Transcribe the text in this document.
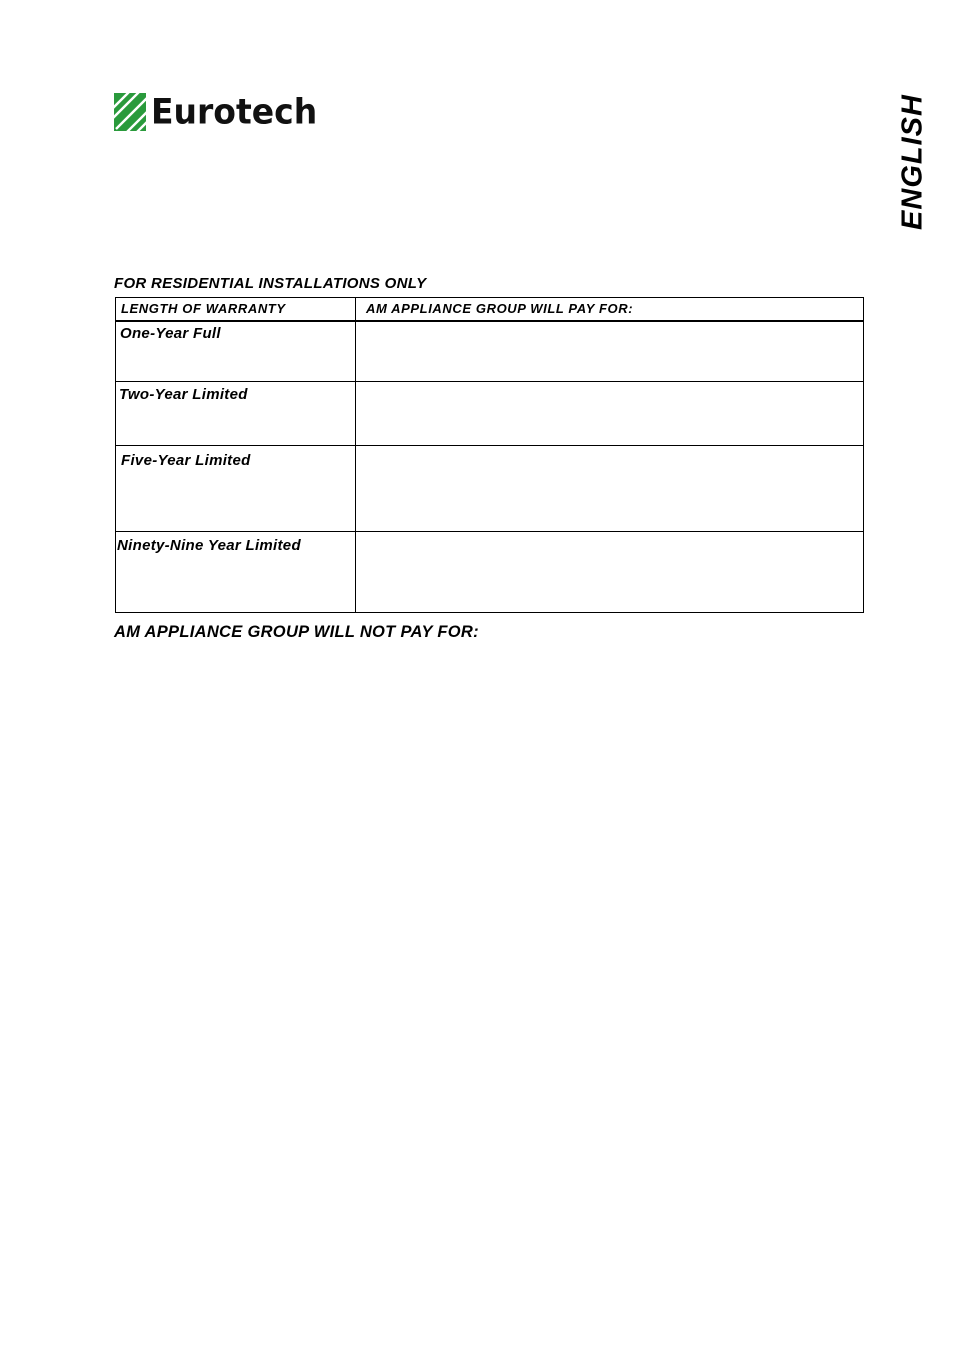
Eurotech	ENGLISH
FOR RESIDENTIAL INSTALLATIONS ONLY
LENGTH OF WARRANTY	AM APPLIANCE GROUP WILL PAY FOR:
One-Year Full	
Two-Year Limited	
Five-Year Limited	
Ninety-Nine Year Limited	
AM APPLIANCE GROUP WILL NOT PAY FOR:
